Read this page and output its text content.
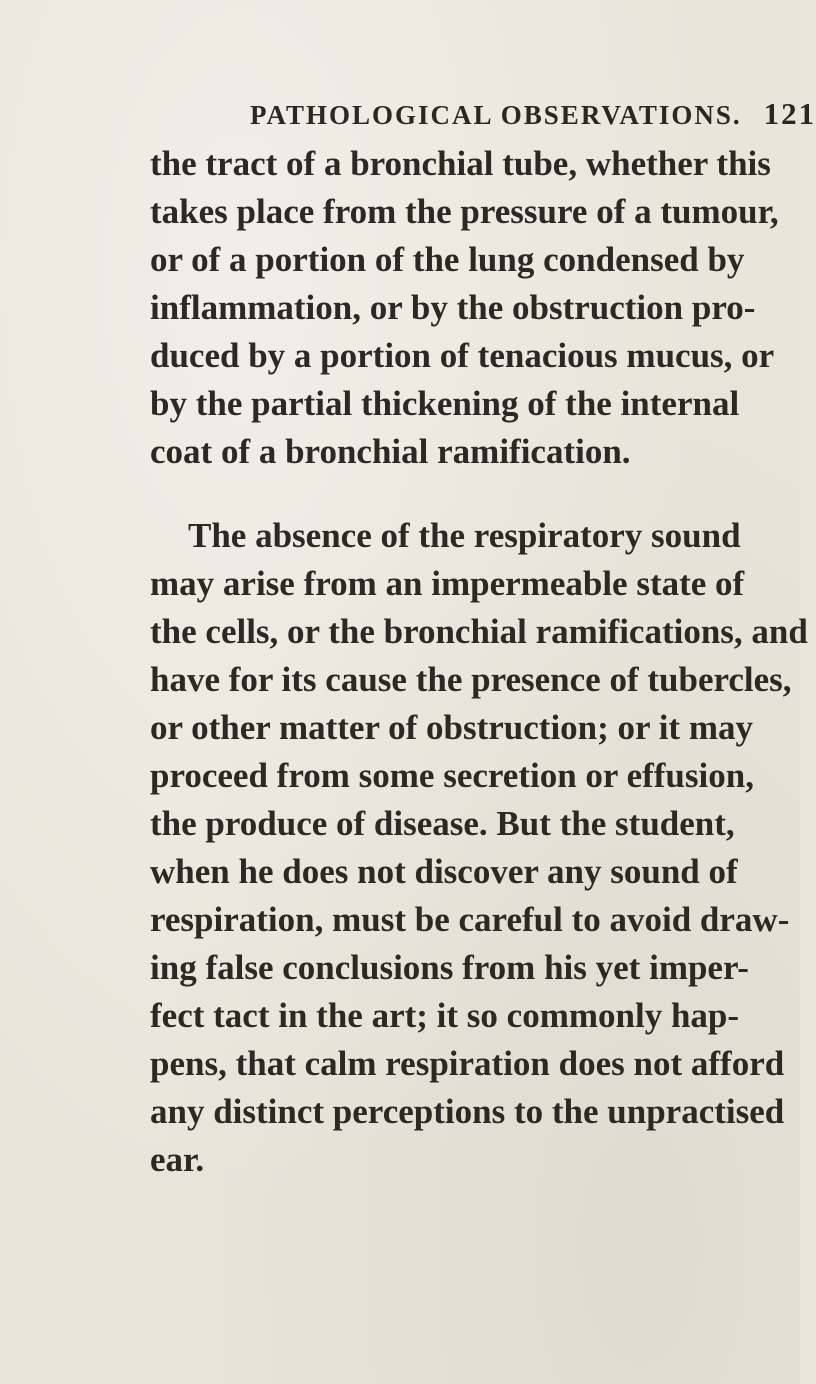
PATHOLOGICAL OBSERVATIONS. 121
the tract of a bronchial tube, whether this
takes place from the pressure of a tumour,
or of a portion of the lung condensed by
inflammation, or by the obstruction pro-
duced by a portion of tenacious mucus, or
by the partial thickening of the internal
coat of a bronchial ramification.
The absence of the respiratory sound
may arise from an impermeable state of
the cells, or the bronchial ramifications, and
have for its cause the presence of tubercles,
or other matter of obstruction; or it may
proceed from some secretion or effusion,
the produce of disease. But the student,
when he does not discover any sound of
respiration, must be careful to avoid draw-
ing false conclusions from his yet imper-
fect tact in the art; it so commonly hap-
pens, that calm respiration does not afford
any distinct perceptions to the unpractised
ear.
